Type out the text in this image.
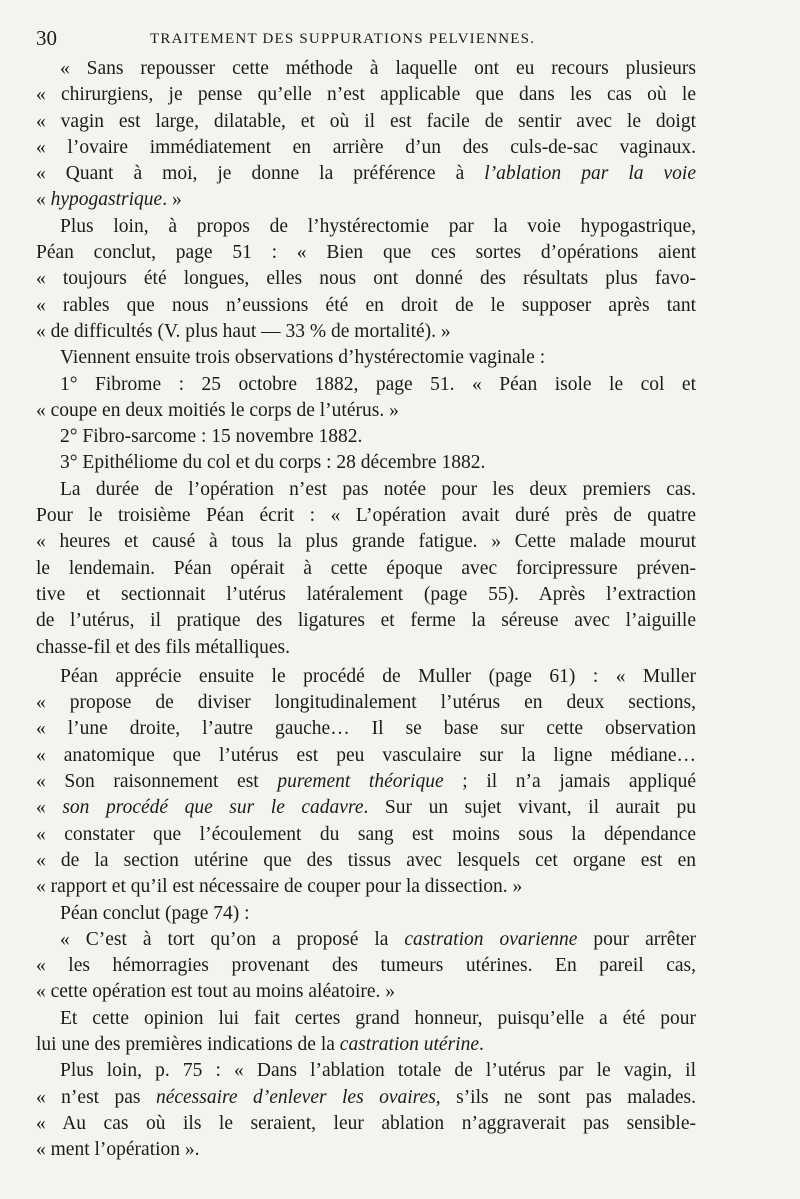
30	TRAITEMENT DES SUPPURATIONS PELVIENNES.
« Sans repousser cette méthode à laquelle ont eu recours plusieurs
« chirurgiens, je pense qu’elle n’est applicable que dans les cas où le
« vagin est large, dilatable, et où il est facile de sentir avec le doigt
« l’ovaire immédiatement en arrière d’un des culs-de-sac vaginaux.
« Quant à moi, je donne la préférence à l’ablation par la voie
« hypogastrique. »
Plus loin, à propos de l’hystérectomie par la voie hypogastrique,
Péan conclut, page 51 : « Bien que ces sortes d’opérations aient
« toujours été longues, elles nous ont donné des résultats plus favo-
« rables que nous n’eussions été en droit de le supposer après tant
« de difficultés (V. plus haut — 33 % de mortalité). »
Viennent ensuite trois observations d’hystérectomie vaginale :
1° Fibrome : 25 octobre 1882, page 51. « Péan isole le col et
« coupe en deux moitiés le corps de l’utérus. »
2° Fibro-sarcome : 15 novembre 1882.
3° Epithéliome du col et du corps : 28 décembre 1882.
La durée de l’opération n’est pas notée pour les deux premiers cas.
Pour le troisième Péan écrit : « L’opération avait duré près de quatre
« heures et causé à tous la plus grande fatigue. » Cette malade mourut
le lendemain. Péan opérait à cette époque avec forcipressure préven-
tive et sectionnait l’utérus latéralement (page 55). Après l’extraction
de l’utérus, il pratique des ligatures et ferme la séreuse avec l’aiguille
chasse-fil et des fils métalliques.
Péan apprécie ensuite le procédé de Muller (page 61) : « Muller
« propose de diviser longitudinalement l’utérus en deux sections,
« l’une droite, l’autre gauche… Il se base sur cette observation
« anatomique que l’utérus est peu vasculaire sur la ligne médiane…
« Son raisonnement est purement théorique ; il n’a jamais appliqué
« son procédé que sur le cadavre. Sur un sujet vivant, il aurait pu
« constater que l’écoulement du sang est moins sous la dépendance
« de la section utérine que des tissus avec lesquels cet organe est en
« rapport et qu’il est nécessaire de couper pour la dissection. »
Péan conclut (page 74) :
« C’est à tort qu’on a proposé la castration ovarienne pour arrêter
« les hémorragies provenant des tumeurs utérines. En pareil cas,
« cette opération est tout au moins aléatoire. »
Et cette opinion lui fait certes grand honneur, puisqu’elle a été pour
lui une des premières indications de la castration utérine.
Plus loin, p. 75 : « Dans l’ablation totale de l’utérus par le vagin, il
« n’est pas nécessaire d’enlever les ovaires, s’ils ne sont pas malades.
« Au cas où ils le seraient, leur ablation n’aggraverait pas sensible-
« ment l’opération ».
